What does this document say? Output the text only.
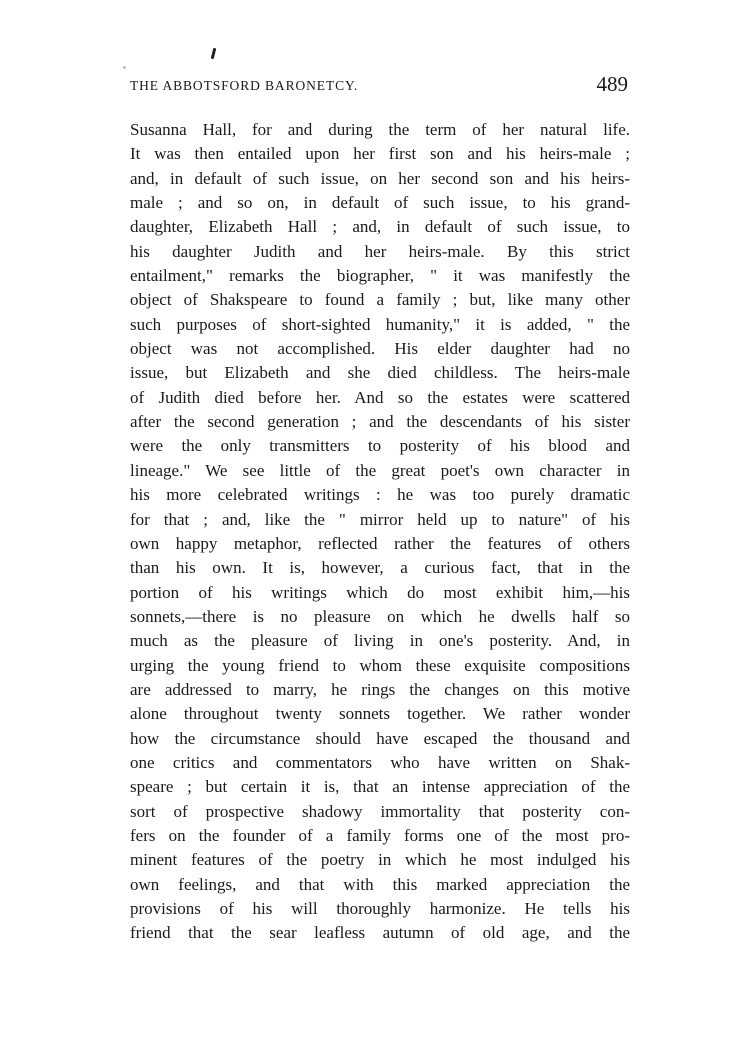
THE ABBOTSFORD BARONETCY.	489
Susanna Hall, for and during the term of her natural life.
It was then entailed upon her first son and his heirs-male ;
and, in default of such issue, on her second son and his heirs-
male ; and so on, in default of such issue, to his grand-
daughter, Elizabeth Hall ; and, in default of such issue, to
his daughter Judith and her heirs-male. By this strict
entailment," remarks the biographer, " it was manifestly the
object of Shakspeare to found a family ; but, like many other
such purposes of short-sighted humanity," it is added, " the
object was not accomplished. His elder daughter had no
issue, but Elizabeth and she died childless. The heirs-male
of Judith died before her. And so the estates were scattered
after the second generation ; and the descendants of his sister
were the only transmitters to posterity of his blood and
lineage." We see little of the great poet's own character in
his more celebrated writings : he was too purely dramatic
for that ; and, like the " mirror held up to nature" of his
own happy metaphor, reflected rather the features of others
than his own. It is, however, a curious fact, that in the
portion of his writings which do most exhibit him,—his
sonnets,—there is no pleasure on which he dwells half so
much as the pleasure of living in one's posterity. And, in
urging the young friend to whom these exquisite compositions
are addressed to marry, he rings the changes on this motive
alone throughout twenty sonnets together. We rather wonder
how the circumstance should have escaped the thousand and
one critics and commentators who have written on Shak-
speare ; but certain it is, that an intense appreciation of the
sort of prospective shadowy immortality that posterity con-
fers on the founder of a family forms one of the most pro-
minent features of the poetry in which he most indulged his
own feelings, and that with this marked appreciation the
provisions of his will thoroughly harmonize. He tells his
friend that the sear leafless autumn of old age, and the
